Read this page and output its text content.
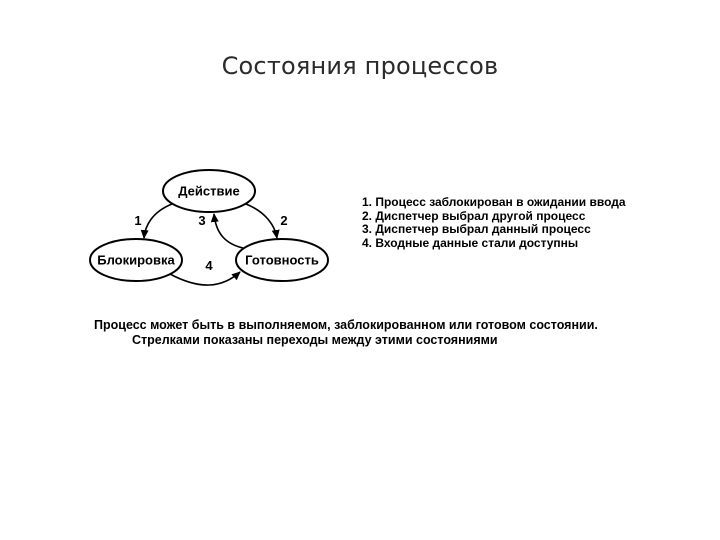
Состояния процессов
Действие
Блокировка	Готовность
1	2
3
4
1. Процесс заблокирован в ожидании ввода
2. Диспетчер выбрал другой процесс
3. Диспетчер выбрал данный процесс
4. Входные данные стали доступны
Процесс может быть в выполняемом, заблокированном или готовом состоянии.
Стрелками показаны переходы между этими состояниями
